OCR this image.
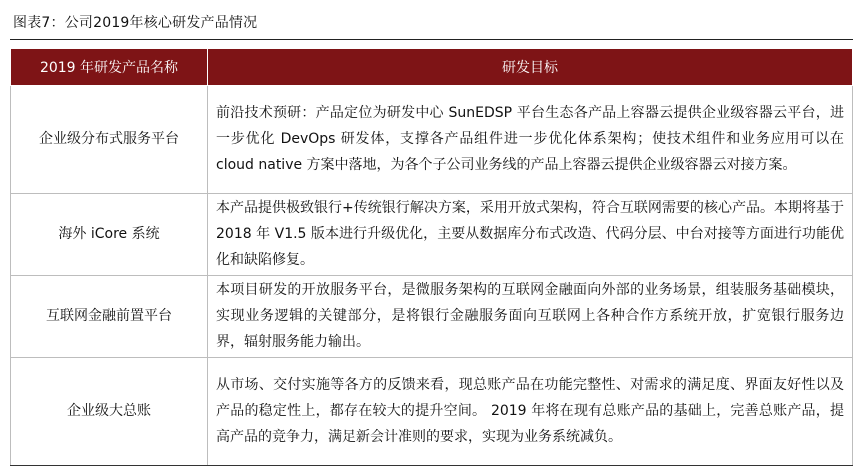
图表7：公司2019年核心研发产品情况
2019 年研发产品名称	研发目标
企业级分布式服务平台	前沿技术预研：产品定位为研发中心 SunEDSP 平台生态各产品上容器云提供企业级容器云平台，进一步优化 DevOps 研发体，支撑各产品组件进一步优化体系架构；使技术组件和业务应用可以在 cloud native 方案中落地，为各个子公司业务线的产品上容器云提供企业级容器云对接方案。
海外 iCore 系统	本产品提供极致银行+传统银行解决方案，采用开放式架构，符合互联网需要的核心产品。本期将基于 2018 年 V1.5 版本进行升级优化，主要从数据库分布式改造、代码分层、中台对接等方面进行功能优化和缺陷修复。
互联网金融前置平台	本项目研发的开放服务平台，是微服务架构的互联网金融面向外部的业务场景，组装服务基础模块，实现业务逻辑的关键部分，是将银行金融服务面向互联网上各种合作方系统开放，扩宽银行服务边界，辐射服务能力输出。
企业级大总账	从市场、交付实施等各方的反馈来看，现总账产品在功能完整性、对需求的满足度、界面友好性以及产品的稳定性上，都存在较大的提升空间。 2019 年将在现有总账产品的基础上，完善总账产品，提高产品的竞争力，满足新会计准则的要求，实现为业务系统减负。
